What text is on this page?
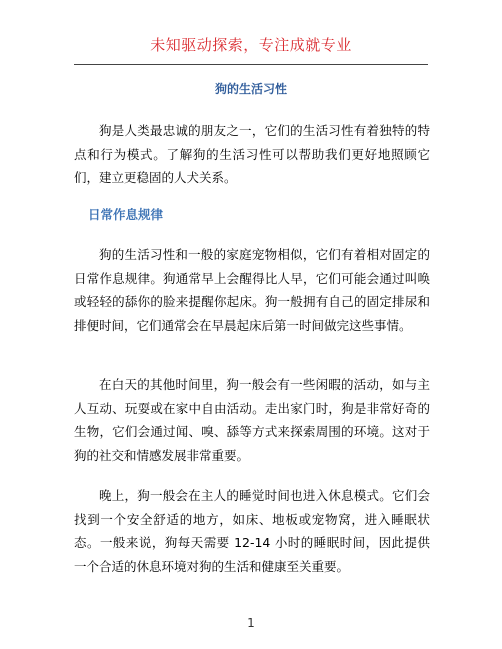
未知驱动探索，专注成就专业
狗的生活习性

狗是人类最忠诚的朋友之一，它们的生活习性有着独特的特点和行为模式。了解狗的生活习性可以帮助我们更好地照顾它们，建立更稳固的人犬关系。

日常作息规律

狗的生活习性和一般的家庭宠物相似，它们有着相对固定的日常作息规律。狗通常早上会醒得比人早，它们可能会通过叫唤或轻轻的舔你的脸来提醒你起床。狗一般拥有自己的固定排尿和排便时间，它们通常会在早晨起床后第一时间做完这些事情。

在白天的其他时间里，狗一般会有一些闲暇的活动，如与主人互动、玩耍或在家中自由活动。走出家门时，狗是非常好奇的生物，它们会通过闻、嗅、舔等方式来探索周围的环境。这对于狗的社交和情感发展非常重要。

晚上，狗一般会在主人的睡觉时间也进入休息模式。它们会找到一个安全舒适的地方，如床、地板或宠物窝，进入睡眠状态。一般来说，狗每天需要 12-14 小时的睡眠时间，因此提供一个合适的休息环境对狗的生活和健康至关重要。

1
